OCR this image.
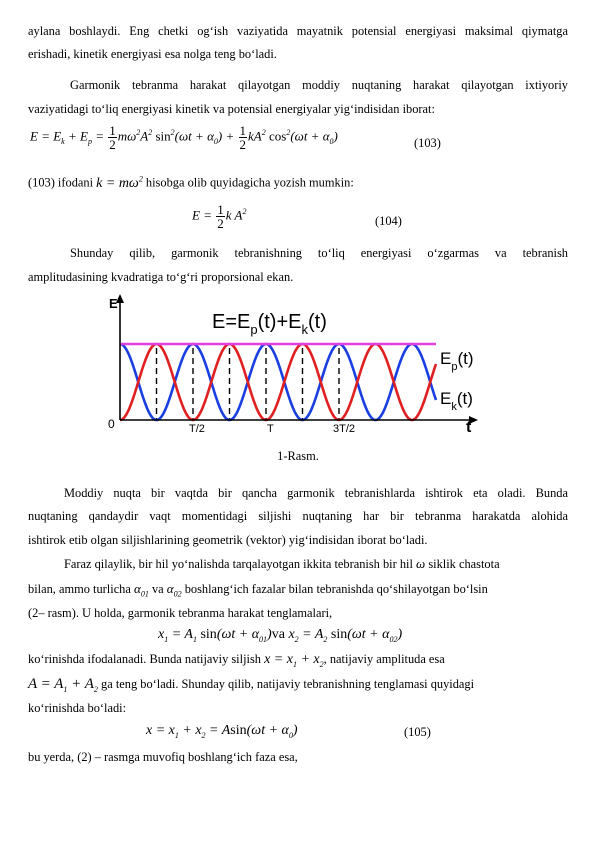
aylana boshlaydi. Eng chetki og‘ish vaziyatida mayatnik potensial energiyasi maksimal qiymatga
erishadi, kinetik energiyasi esa nolga teng bo‘ladi.
Garmonik tebranma harakat qilayotgan moddiy nuqtaning harakat qilayotgan ixtiyoriy
vaziyatidagi to‘liq energiyasi kinetik va potensial energiyalar yig‘indisidan iborat:
$E = E_k + E_p = \frac{1}{2} m\omega^2A^2$ $\sin^2(\omega t + \alpha_0) + \frac{1}{2} kA^2$ $\cos^2(\omega t + \alpha_0)$	(103)
(103) ifodani $k = m\omega^2$ hisobga olib quyidagicha yozish mumkin:
$E = \frac{1}{2}$ k $A^2$
(104)
Shunday qilib, garmonik tebranishning to‘liq energiyasi o‘zgarmas va tebranish
amplitudasining kvadratiga to‘g‘ri proporsional ekan.
E
t
0	T/2	T	3T/2
$E=E_p(t)+E_k(t)$
$E_p(t)$
$E_k(t)$
1-Rasm.
Moddiy nuqta bir vaqtda bir qancha garmonik tebranishlarda ishtirok eta oladi. Bunda
nuqtaning qandaydir vaqt momentidagi siljishi nuqtaning har bir tebranma harakatda alohida
ishtirok etib olgan siljishlarining geometrik (vektor) yig‘indisidan iborat bo‘ladi.
Faraz qilaylik, bir hil yo‘nalishda tarqalayotgan ikkita tebranish bir hil ω siklik chastota
bilan, ammo turlicha $\alpha_{01}$ va $\alpha_{02}$ boshlang‘ich fazalar bilan tebranishda qo‘shilayotgan bo‘lsin
(2– rasm). U holda, garmonik tebranma harakat tenglamalari,
$x_1 = A_1$ $\sin(\omega t + \alpha_{01})va$ $x_2 = A_2$ $\sin(\omega t + \alpha_{02})$
ko‘rinishda ifodalanadi. Bunda natijaviy siljish $x = x_1 + x_2$, natijaviy amplituda esa
$A = A_1 + A_2$ ga teng bo‘ladi. Shunday qilib, natijaviy tebranishning tenglamasi quyidagi
ko‘rinishda bo‘ladi:
$x = x_1 + x_2 = Asin(\omega t + \alpha_0)$	(105)
bu yerda, (2) – rasmga muvofiq boshlang‘ich faza esa,
